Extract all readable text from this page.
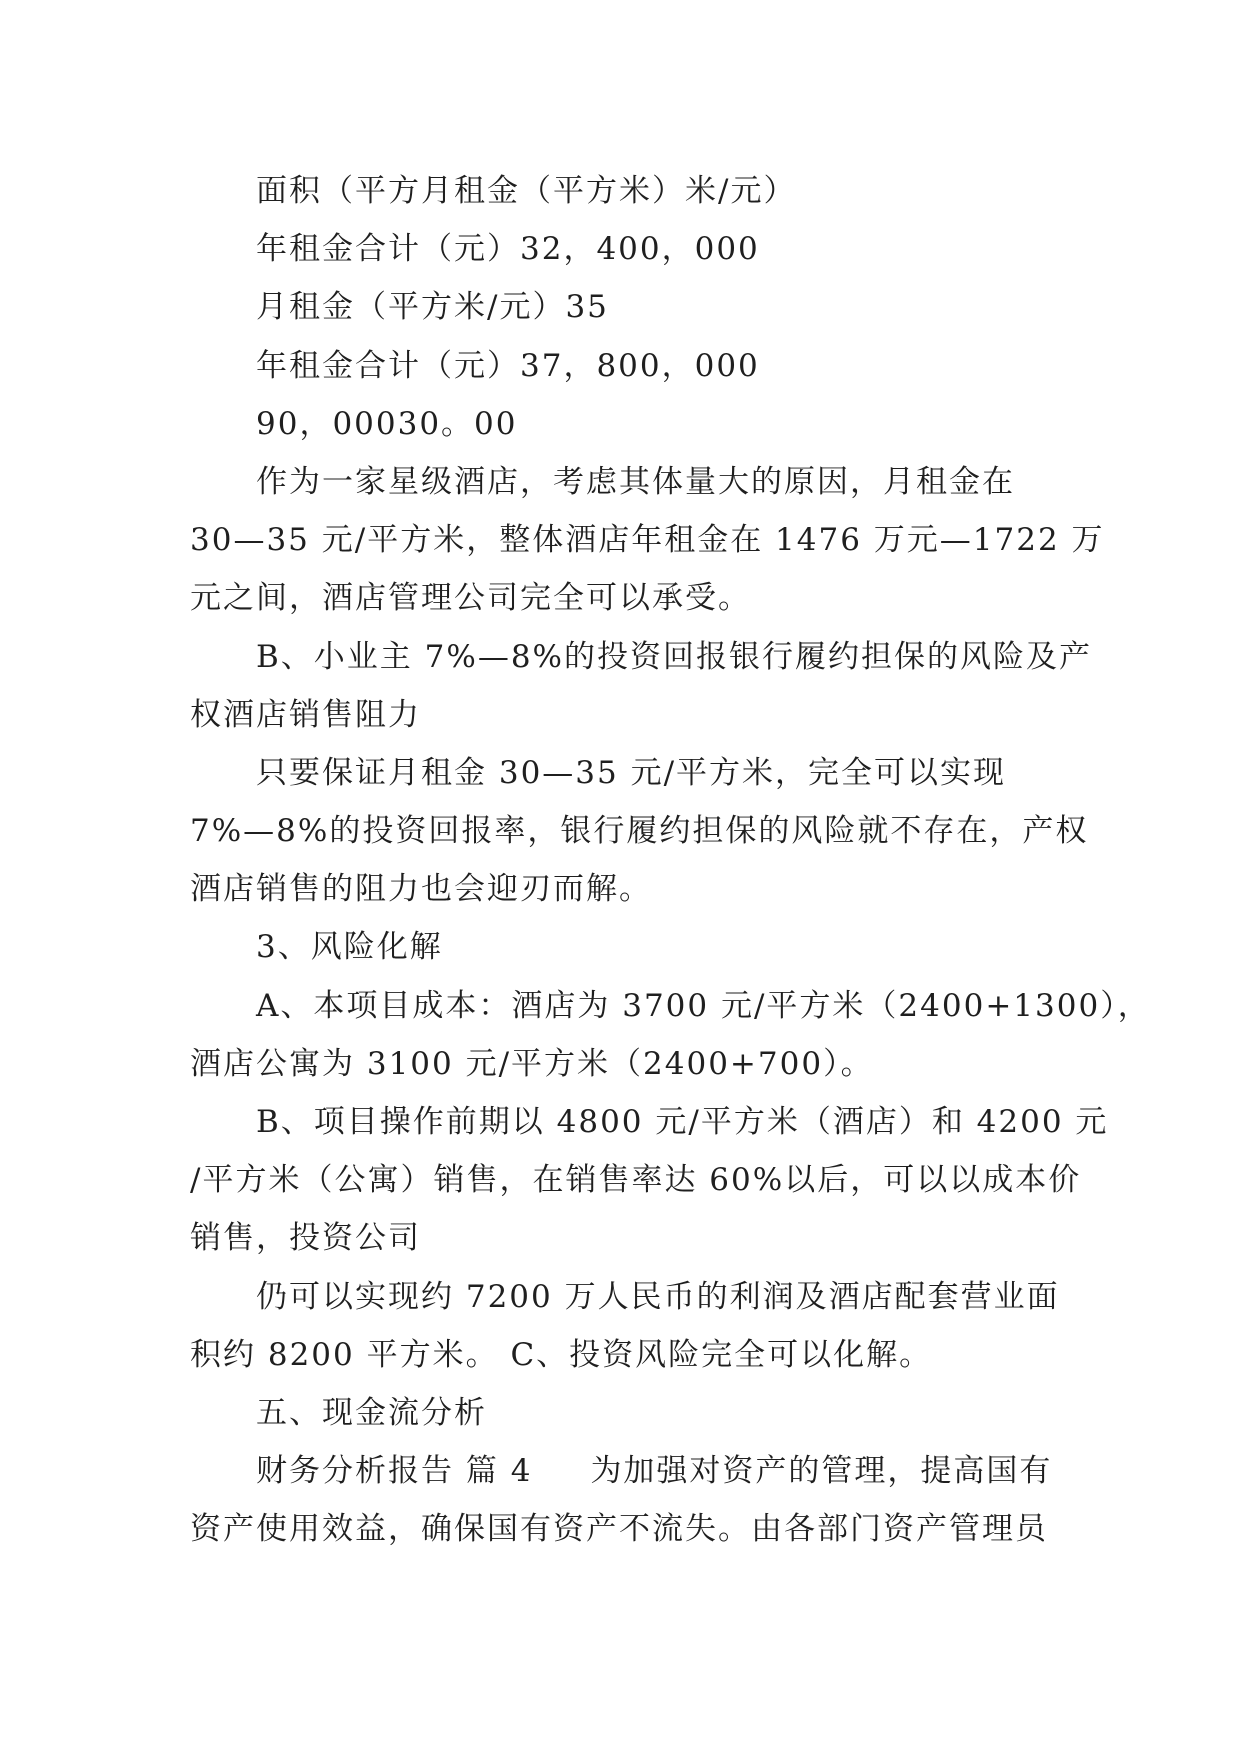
面积（平方月租金（平方米）米/元）

年租金合计（元）32，400，000

月租金（平方米/元）35

年租金合计（元）37，800，000

90，00030。00

作为一家星级酒店，考虑其体量大的原因，月租金在

30—35 元/平方米，整体酒店年租金在 1476 万元—1722 万

元之间，酒店管理公司完全可以承受。

B、小业主 7%—8%的投资回报银行履约担保的风险及产

权酒店销售阻力

只要保证月租金 30—35 元/平方米，完全可以实现

7%—8%的投资回报率，银行履约担保的风险就不存在，产权

酒店销售的阻力也会迎刃而解。

3、风险化解

A、本项目成本：酒店为 3700 元/平方米（2400+1300），

酒店公寓为 3100 元/平方米（2400+700）。

B、项目操作前期以 4800 元/平方米（酒店）和 4200 元

/平方米（公寓）销售，在销售率达 60%以后，可以以成本价

销售，投资公司

仍可以实现约 7200 万人民币的利润及酒店配套营业面

积约 8200 平方米。 C、投资风险完全可以化解。

五、现金流分析

财务分析报告 篇 4 为加强对资产的管理，提高国有

资产使用效益，确保国有资产不流失。由各部门资产管理员
